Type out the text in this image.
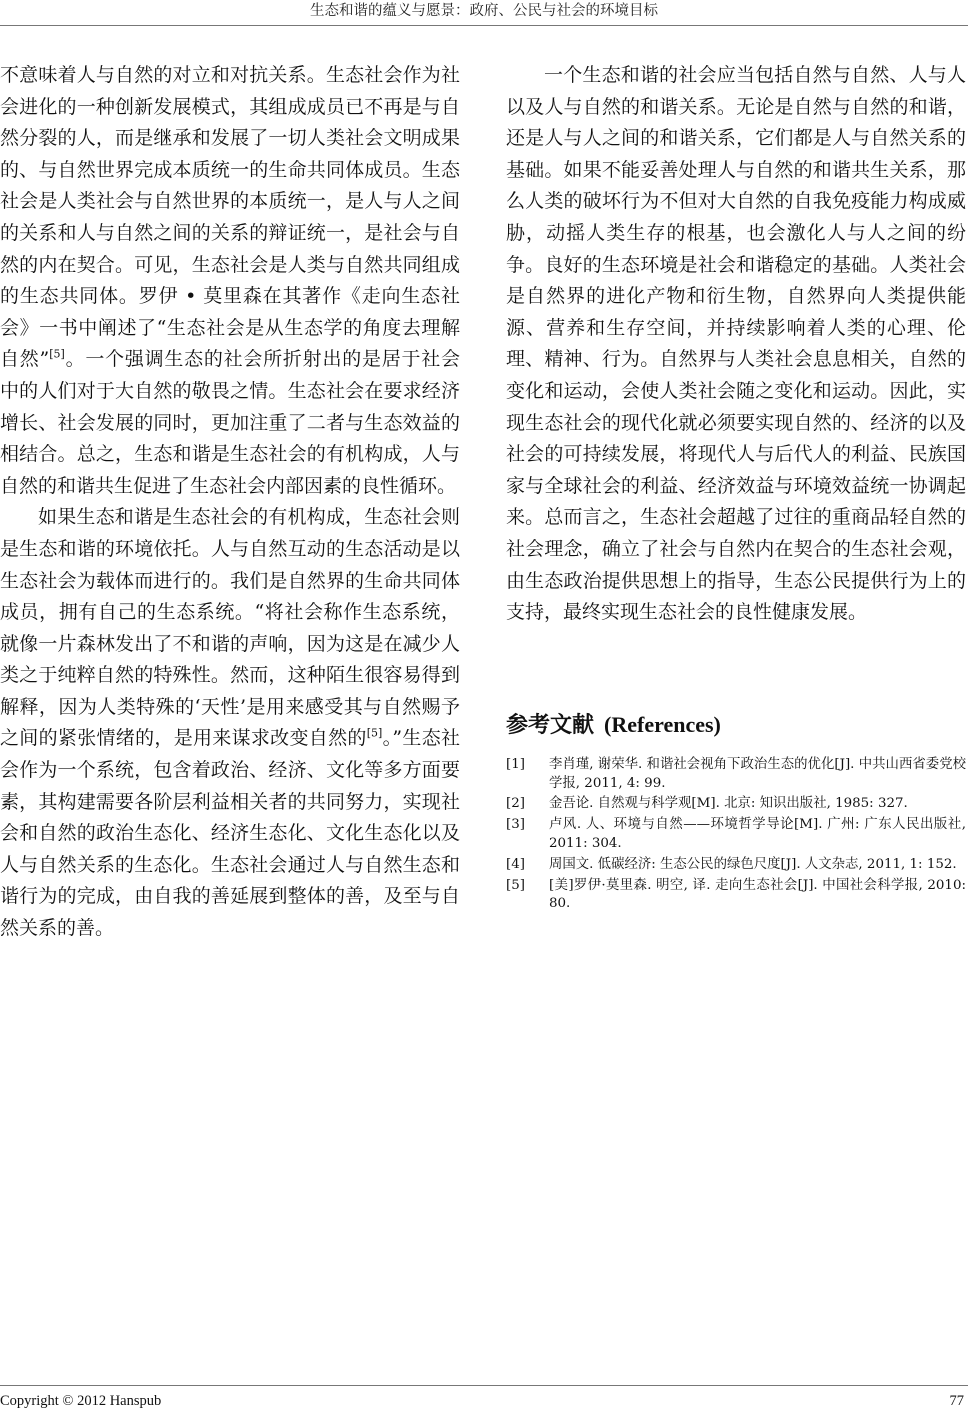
生态和谐的蕴义与愿景：政府、公民与社会的环境目标

不意味着人与自然的对立和对抗关系。生态社会作为社会进化的一种创新发展模式，其组成成员已不再是与自然分裂的人，而是继承和发展了一切人类社会文明成果的、与自然世界完成本质统一的生命共同体成员。生态社会是人类社会与自然世界的本质统一，是人与人之间的关系和人与自然之间的关系的辩证统一，是社会与自然的内在契合。可见，生态社会是人类与自然共同组成的生态共同体。罗伊 • 莫里森在其著作《走向生态社会》一书中阐述了“生态社会是从生态学的角度去理解自然”[5]。一个强调生态的社会所折射出的是居于社会中的人们对于大自然的敬畏之情。生态社会在要求经济增长、社会发展的同时，更加注重了二者与生态效益的相结合。总之，生态和谐是生态社会的有机构成，人与自然的和谐共生促进了生态社会内部因素的良性循环。

如果生态和谐是生态社会的有机构成，生态社会则是生态和谐的环境依托。人与自然互动的生态活动是以生态社会为载体而进行的。我们是自然界的生命共同体成员，拥有自己的生态系统。“将社会称作生态系统，就像一片森林发出了不和谐的声响，因为这是在减少人类之于纯粹自然的特殊性。然而，这种陌生很容易得到解释，因为人类特殊的‘天性’是用来感受其与自然赐予之间的紧张情绪的，是用来谋求改变自然的[5]。”生态社会作为一个系统，包含着政治、经济、文化等多方面要素，其构建需要各阶层利益相关者的共同努力，实现社会和自然的政治生态化、经济生态化、文化生态化以及人与自然关系的生态化。生态社会通过人与自然生态和谐行为的完成，由自我的善延展到整体的善，及至与自然关系的善。

一个生态和谐的社会应当包括自然与自然、人与人以及人与自然的和谐关系。无论是自然与自然的和谐，还是人与人之间的和谐关系，它们都是人与自然关系的基础。如果不能妥善处理人与自然的和谐共生关系，那么人类的破坏行为不但对大自然的自我免疫能力构成威胁，动摇人类生存的根基，也会激化人与人之间的纷争。良好的生态环境是社会和谐稳定的基础。人类社会是自然界的进化产物和衍生物，自然界向人类提供能源、营养和生存空间，并持续影响着人类的心理、伦理、精神、行为。自然界与人类社会息息相关，自然的变化和运动，会使人类社会随之变化和运动。因此，实现生态社会的现代化就必须要实现自然的、经济的以及社会的可持续发展，将现代人与后代人的利益、民族国家与全球社会的利益、经济效益与环境效益统一协调起来。总而言之，生态社会超越了过往的重商品轻自然的社会理念，确立了社会与自然内在契合的生态社会观，由生态政治提供思想上的指导，生态公民提供行为上的支持，最终实现生态社会的良性健康发展。

参考文献 (References)
[1] 李肖瑾, 谢荣华. 和谐社会视角下政治生态的优化[J]. 中共山西省委党校学报, 2011, 4: 99.
[2] 金吾论. 自然观与科学观[M]. 北京: 知识出版社, 1985: 327.
[3] 卢风. 人、环境与自然——环境哲学导论[M]. 广州: 广东人民出版社, 2011: 304.
[4] 周国文. 低碳经济: 生态公民的绿色尺度[J]. 人文杂志, 2011, 1: 152.
[5] [美]罗伊·莫里森. 明空, 译. 走向生态社会[J]. 中国社会科学报, 2010: 80.
Copyright © 2012 Hanspub	77
